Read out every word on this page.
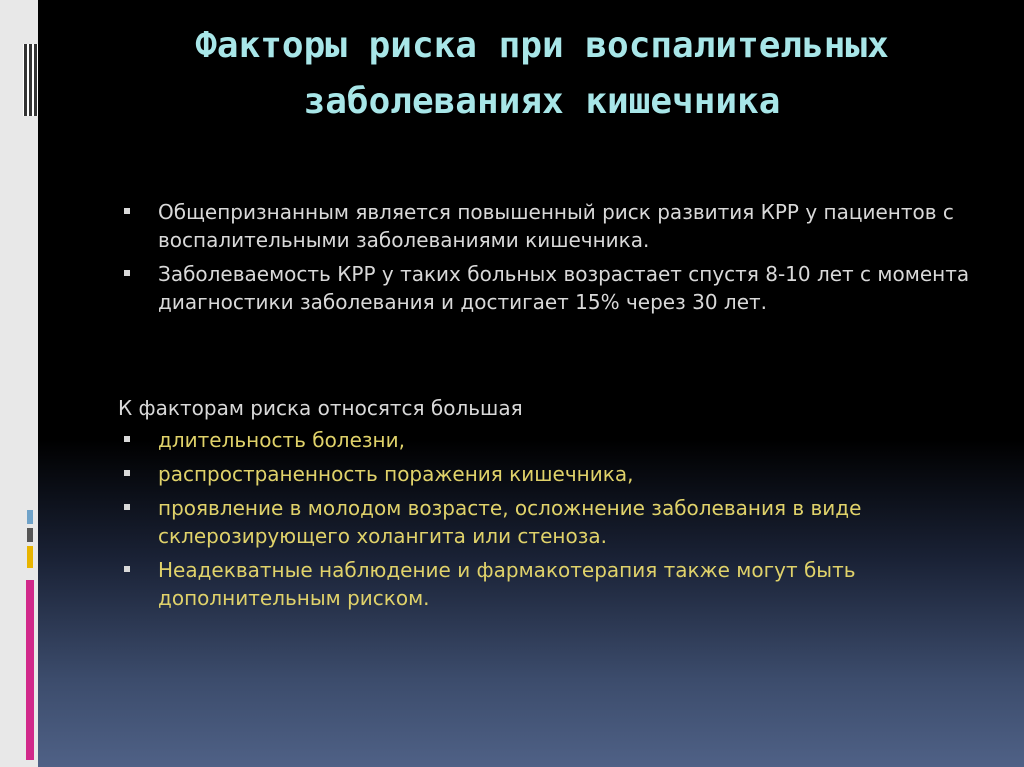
Факторы риска при воспалительных
заболеваниях кишечника
Общепризнанным является повышенный риск развития КРР у пациентов с воспалительными заболеваниями кишечника.
Заболеваемость КРР у таких больных возрастает спустя 8-10 лет с момента диагностики заболевания и достигает 15% через 30 лет.

К факторам риска относятся большая

длительность болезни,
распространенность поражения кишечника,
проявление в молодом возрасте, осложнение заболевания в виде склерозирующего холангита или стеноза.
Неадекватные наблюдение и фармакотерапия также могут быть дополнительным риском.
